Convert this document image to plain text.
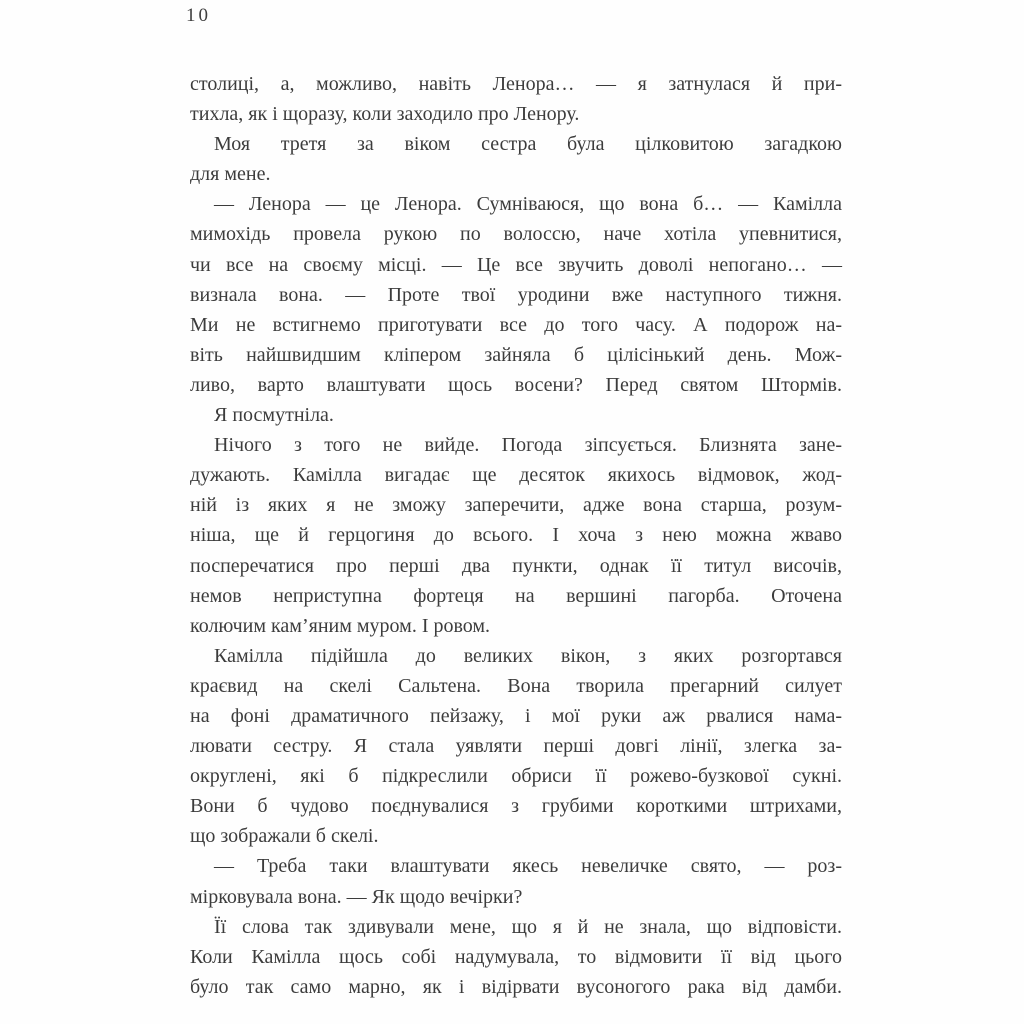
10
столиці, а, можливо, навіть Ленора… — я затнулася й при-
тихла, як і щоразу, коли заходило про Ленору.
Моя третя за віком сестра була цілковитою загадкою
для мене.
— Ленора — це Ленора. Сумніваюся, що вона б… — Камілла
мимохідь провела рукою по волоссю, наче хотіла упевнитися,
чи все на своєму місці. — Це все звучить доволі непогано… —
визнала вона. — Проте твої уродини вже наступного тижня.
Ми не встигнемо приготувати все до того часу. А подорож на-
віть найшвидшим кліпером зайняла б цілісінький день. Мож-
ливо, варто влаштувати щось восени? Перед святом Штормів.
Я посмутніла.
Нічого з того не вийде. Погода зіпсується. Близнята зане-
дужають. Камілла вигадає ще десяток якихось відмовок, жод-
ній із яких я не зможу заперечити, адже вона старша, розум-
ніша, ще й герцогиня до всього. І хоча з нею можна жваво
посперечатися про перші два пункти, однак її титул височів,
немов неприступна фортеця на вершині пагорба. Оточена
колючим кам’яним муром. І ровом.
Камілла підійшла до великих вікон, з яких розгортався
краєвид на скелі Сальтена. Вона творила прегарний силует
на фоні драматичного пейзажу, і мої руки аж рвалися нама-
лювати сестру. Я стала уявляти перші довгі лінії, злегка за-
округлені, які б підкреслили обриси її рожево-бузкової сукні.
Вони б чудово поєднувалися з грубими короткими штрихами,
що зображали б скелі.
— Треба таки влаштувати якесь невеличке свято, — роз-
мірковувала вона. — Як щодо вечірки?
Її слова так здивували мене, що я й не знала, що відповісти.
Коли Камілла щось собі надумувала, то відмовити її від цього
було так само марно, як і відірвати вусоногого рака від дамби.
